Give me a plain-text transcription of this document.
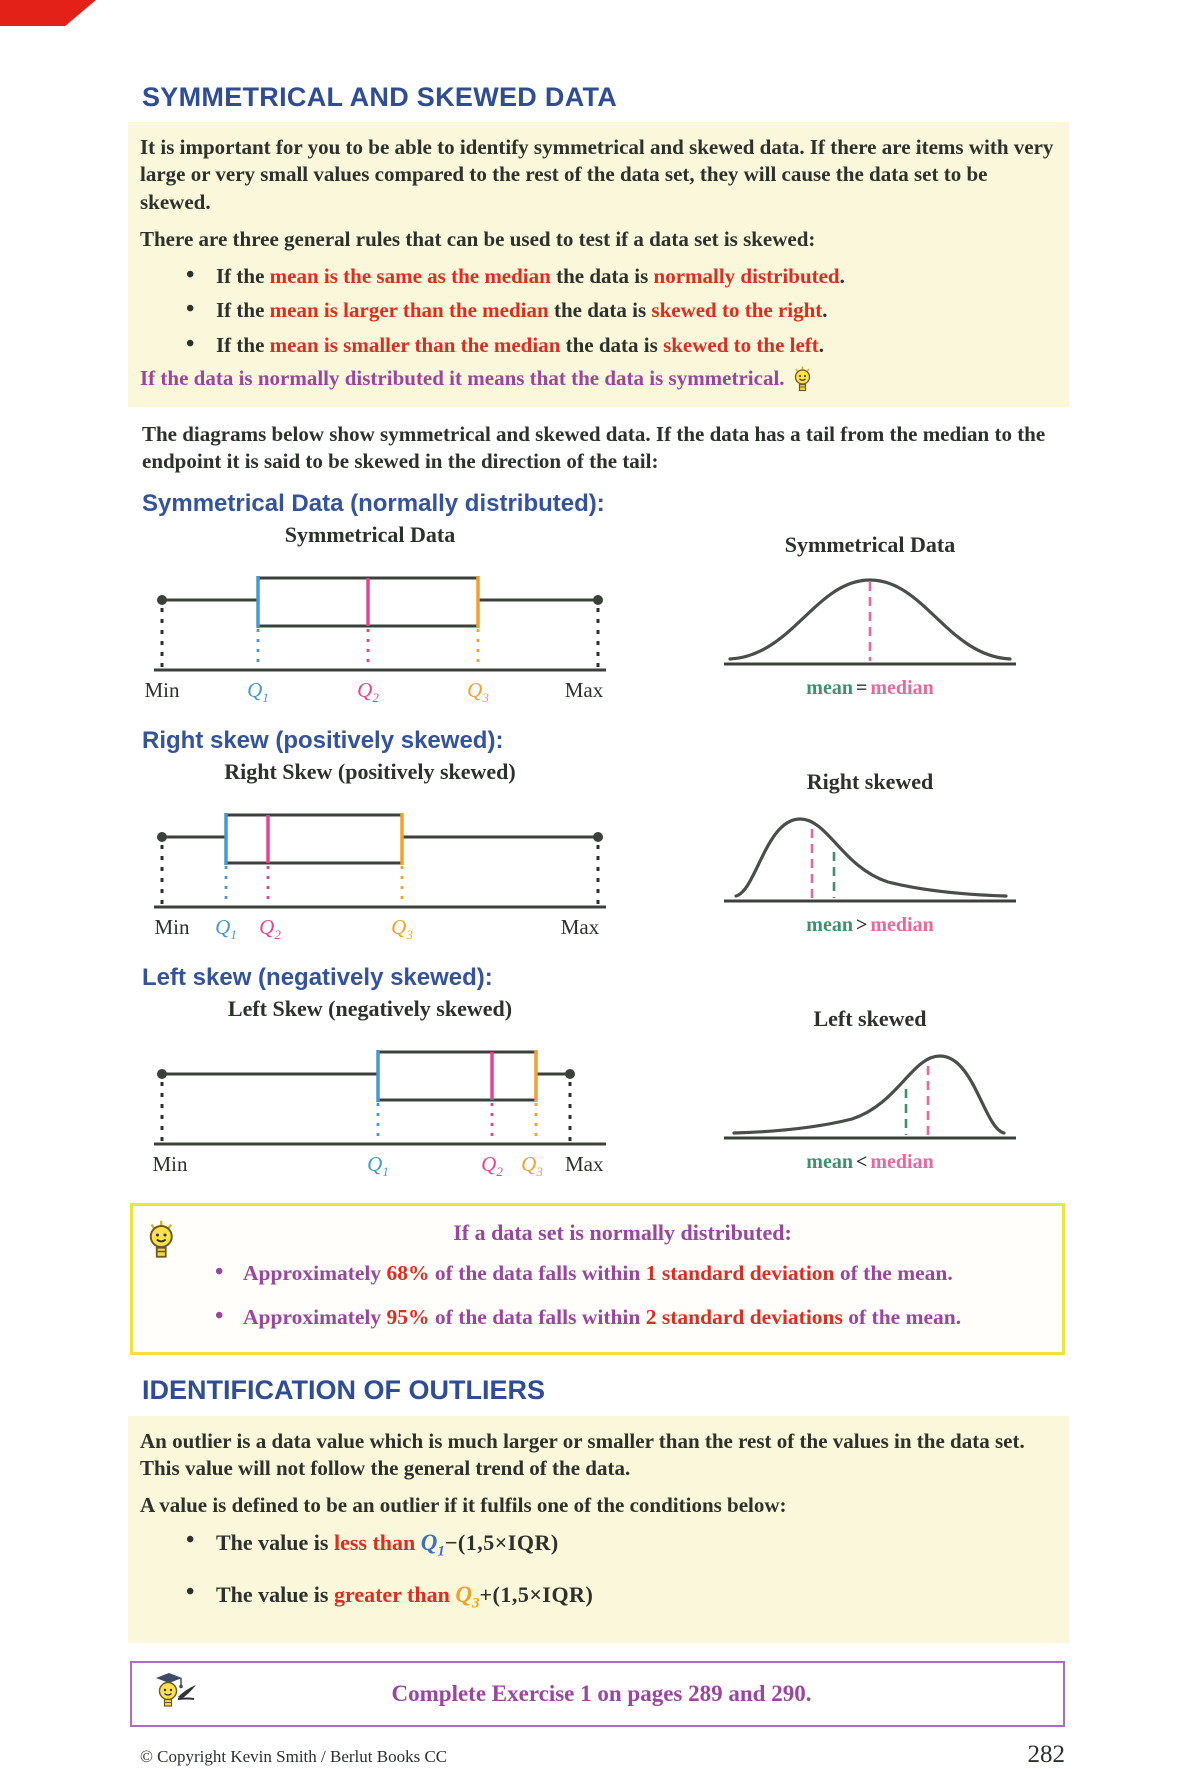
SYMMETRICAL AND SKEWED DATA

It is important for you to be able to identify symmetrical and skewed data. If there are items with very large or very small values compared to the rest of the data set, they will cause the data set to be skewed.

There are three general rules that can be used to test if a data set is skewed:

• If the mean is the same as the median the data is normally distributed.
• If the mean is larger than the median the data is skewed to the right.
• If the mean is smaller than the median the data is skewed to the left.

If the data is normally distributed it means that the data is symmetrical.

The diagrams below show symmetrical and skewed data. If the data has a tail from the median to the endpoint it is said to be skewed in the direction of the tail:

Symmetrical Data (normally distributed):
Symmetrical Data
Min	$Q_1$	$Q_2$	$Q_3$	Max
Symmetrical Data
mean = median
Right skew (positively skewed):
Right Skew (positively skewed)
Min $Q_1$ $Q_2$	$Q_3$	Max
Right skewed
mean > median
Left skew (negatively skewed):
Left Skew (negatively skewed)
Min	$Q_1$	$Q_2$ $Q_3$ Max
Left skewed
mean < median
If a data set is normally distributed:
• Approximately 68% of the data falls within 1 standard deviation of the mean.
• Approximately 95% of the data falls within 2 standard deviations of the mean.
IDENTIFICATION OF OUTLIERS

An outlier is a data value which is much larger or smaller than the rest of the values in the data set. This value will not follow the general trend of the data.

A value is defined to be an outlier if it fulfils one of the conditions below:

• The value is less than $Q_1-(1,5\times IQR)$
• The value is greater than $Q_3+(1,5\times IQR)$
Complete Exercise 1 on pages 289 and 290.
© Copyright Kevin Smith / Berlut Books CC	282
